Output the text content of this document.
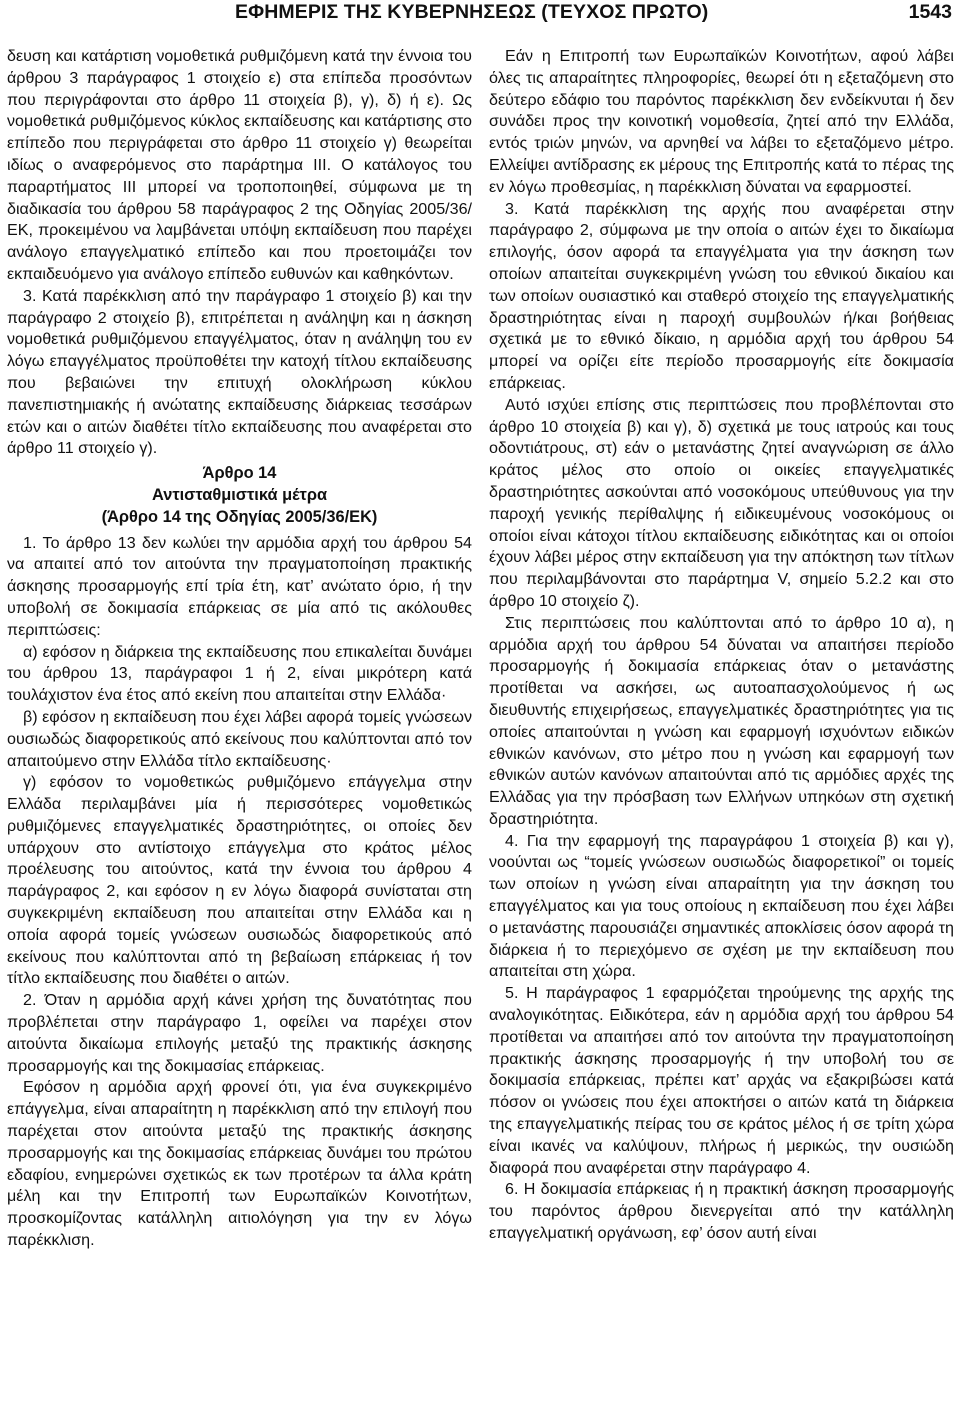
ΕΦΗΜΕΡΙΣ ΤΗΣ ΚΥΒΕΡΝΗΣΕΩΣ (ΤΕΥΧΟΣ ΠΡΩΤΟ)	1543

δευση και κατάρτιση νομοθετικά ρυθμιζόμενη κατά την έννοια του άρθρου 3 παράγραφος 1 στοιχείο ε) στα επίπεδα προσόντων που περιγράφονται στο άρθρο 11 στοιχεία β), γ), δ) ή ε). Ως νομοθετικά ρυθμιζόμενος κύκλος εκπαίδευσης και κατάρτισης στο επίπεδο που περιγράφεται στο άρθρο 11 στοιχείο γ) θεωρείται ιδίως ο αναφερόμενος στο παράρτημα III. Ο κατάλογος του παραρτήματος III μπορεί να τροποποιηθεί, σύμφωνα με τη διαδικασία του άρθρου 58 παράγραφος 2 της Οδηγίας 2005/36/ΕΚ, προκειμένου να λαμβάνεται υπόψη εκπαίδευση που παρέχει ανάλογο επαγγελματικό επίπεδο και που προετοιμάζει τον εκπαιδευόμενο για ανάλογο επίπεδο ευθυνών και καθηκόντων.

3. Κατά παρέκκλιση από την παράγραφο 1 στοιχείο β) και την παράγραφο 2 στοιχείο β), επιτρέπεται η ανάληψη και η άσκηση νομοθετικά ρυθμιζόμενου επαγγέλματος, όταν η ανάληψη του εν λόγω επαγγέλματος προϋποθέτει την κατοχή τίτλου εκπαίδευσης που βεβαιώνει την επιτυχή ολοκλήρωση κύκλου πανεπιστημιακής ή ανώτατης εκπαίδευσης διάρκειας τεσσάρων ετών και ο αιτών διαθέτει τίτλο εκπαίδευσης που αναφέρεται στο άρθρο 11 στοιχείο γ).

Άρθρο 14
Αντισταθμιστικά μέτρα
(Άρθρο 14 της Οδηγίας 2005/36/ΕΚ)

1. Το άρθρο 13 δεν κωλύει την αρμόδια αρχή του άρθρου 54 να απαιτεί από τον αιτούντα την πραγματοποίηση πρακτικής άσκησης προσαρμογής επί τρία έτη, κατ’ ανώτατο όριο, ή την υποβολή σε δοκιμασία επάρκειας σε μία από τις ακόλουθες περιπτώσεις:

α) εφόσον η διάρκεια της εκπαίδευσης που επικαλείται δυνάμει του άρθρου 13, παράγραφοι 1 ή 2, είναι μικρότερη κατά τουλάχιστον ένα έτος από εκείνη που απαιτείται στην Ελλάδα·

β) εφόσον η εκπαίδευση που έχει λάβει αφορά τομείς γνώσεων ουσιωδώς διαφορετικούς από εκείνους που καλύπτονται από τον απαιτούμενο στην Ελλάδα τίτλο εκπαίδευσης·

γ) εφόσον το νομοθετικώς ρυθμιζόμενο επάγγελμα στην Ελλάδα περιλαμβάνει μία ή περισσότερες νομοθετικώς ρυθμιζόμενες επαγγελματικές δραστηριότητες, οι οποίες δεν υπάρχουν στο αντίστοιχο επάγγελμα στο κράτος μέλος προέλευσης του αιτούντος, κατά την έννοια του άρθρου 4 παράγραφος 2, και εφόσον η εν λόγω διαφορά συνίσταται στη συγκεκριμένη εκπαίδευση που απαιτείται στην Ελλάδα και η οποία αφορά τομείς γνώσεων ουσιωδώς διαφορετικούς από εκείνους που καλύπτονται από τη βεβαίωση επάρκειας ή τον τίτλο εκπαίδευσης που διαθέτει ο αιτών.

2. Όταν η αρμόδια αρχή κάνει χρήση της δυνατότητας που προβλέπεται στην παράγραφο 1, οφείλει να παρέχει στον αιτούντα δικαίωμα επιλογής μεταξύ της πρακτικής άσκησης προσαρμογής και της δοκιμασίας επάρκειας.

Εφόσον η αρμόδια αρχή φρονεί ότι, για ένα συγκεκριμένο επάγγελμα, είναι απαραίτητη η παρέκκλιση από την επιλογή που παρέχεται στον αιτούντα μεταξύ της πρακτικής άσκησης προσαρμογής και της δοκιμασίας επάρκειας δυνάμει του πρώτου εδαφίου, ενημερώνει σχετικώς εκ των προτέρων τα άλλα κράτη μέλη και την Επιτροπή των Ευρωπαϊκών Κοινοτήτων, προσκομίζοντας κατάλληλη αιτιολόγηση για την εν λόγω παρέκκλιση.

Εάν η Επιτροπή των Ευρωπαϊκών Κοινοτήτων, αφού λάβει όλες τις απαραίτητες πληροφορίες, θεωρεί ότι η εξεταζόμενη στο δεύτερο εδάφιο του παρόντος παρέκκλιση δεν ενδείκνυται ή δεν συνάδει προς την κοινοτική νομοθεσία, ζητεί από την Ελλάδα, εντός τριών μηνών, να αρνηθεί να λάβει το εξεταζόμενο μέτρο. Ελλείψει αντίδρασης εκ μέρους της Επιτροπής κατά το πέρας της εν λόγω προθεσμίας, η παρέκκλιση δύναται να εφαρμοστεί.

3. Κατά παρέκκλιση της αρχής που αναφέρεται στην παράγραφο 2, σύμφωνα με την οποία ο αιτών έχει το δικαίωμα επιλογής, όσον αφορά τα επαγγέλματα για την άσκηση των οποίων απαιτείται συγκεκριμένη γνώση του εθνικού δικαίου και των οποίων ουσιαστικό και σταθερό στοιχείο της επαγγελματικής δραστηριότητας είναι η παροχή συμβουλών ή/και βοήθειας σχετικά με το εθνικό δίκαιο, η αρμόδια αρχή του άρθρου 54 μπορεί να ορίζει είτε περίοδο προσαρμογής είτε δοκιμασία επάρκειας.

Αυτό ισχύει επίσης στις περιπτώσεις που προβλέπονται στο άρθρο 10 στοιχεία β) και γ), δ) σχετικά με τους ιατρούς και τους οδοντιάτρους, στ) εάν ο μετανάστης ζητεί αναγνώριση σε άλλο κράτος μέλος στο οποίο οι οικείες επαγγελματικές δραστηριότητες ασκούνται από νοσοκόμους υπεύθυνους για την παροχή γενικής περίθαλψης ή ειδικευμένους νοσοκόμους οι οποίοι είναι κάτοχοι τίτλου εκπαίδευσης ειδικότητας και οι οποίοι έχουν λάβει μέρος στην εκπαίδευση για την απόκτηση των τίτλων που περιλαμβάνονται στο παράρτημα V, σημείο 5.2.2 και στο άρθρο 10 στοιχείο ζ).

Στις περιπτώσεις που καλύπτονται από το άρθρο 10 α), η αρμόδια αρχή του άρθρου 54 δύναται να απαιτήσει περίοδο προσαρμογής ή δοκιμασία επάρκειας όταν ο μετανάστης προτίθεται να ασκήσει, ως αυτοαπασχολούμενος ή ως διευθυντής επιχειρήσεως, επαγγελματικές δραστηριότητες για τις οποίες απαιτούνται η γνώση και εφαρμογή ισχυόντων ειδικών εθνικών κανόνων, στο μέτρο που η γνώση και εφαρμογή των εθνικών αυτών κανόνων απαιτούνται από τις αρμόδιες αρχές της Ελλάδας για την πρόσβαση των Ελλήνων υπηκόων στη σχετική δραστηριότητα.

4. Για την εφαρμογή της παραγράφου 1 στοιχεία β) και γ), νοούνται ως “τομείς γνώσεων ουσιωδώς διαφορετικοί” οι τομείς των οποίων η γνώση είναι απαραίτητη για την άσκηση του επαγγέλματος και για τους οποίους η εκπαίδευση που έχει λάβει ο μετανάστης παρουσιάζει σημαντικές αποκλίσεις όσον αφορά τη διάρκεια ή το περιεχόμενο σε σχέση με την εκπαίδευση που απαιτείται στη χώρα.

5. Η παράγραφος 1 εφαρμόζεται τηρούμενης της αρχής της αναλογικότητας. Ειδικότερα, εάν η αρμόδια αρχή του άρθρου 54 προτίθεται να απαιτήσει από τον αιτούντα την πραγματοποίηση πρακτικής άσκησης προσαρμογής ή την υποβολή του σε δοκιμασία επάρκειας, πρέπει κατ’ αρχάς να εξακριβώσει κατά πόσον οι γνώσεις που έχει αποκτήσει ο αιτών κατά τη διάρκεια της επαγγελματικής πείρας του σε κράτος μέλος ή σε τρίτη χώρα είναι ικανές να καλύψουν, πλήρως ή μερικώς, την ουσιώδη διαφορά που αναφέρεται στην παράγραφο 4.

6. Η δοκιμασία επάρκειας ή η πρακτική άσκηση προσαρμογής του παρόντος άρθρου διενεργείται από την κατάλληλη επαγγελματική οργάνωση, εφ’ όσον αυτή είναι
